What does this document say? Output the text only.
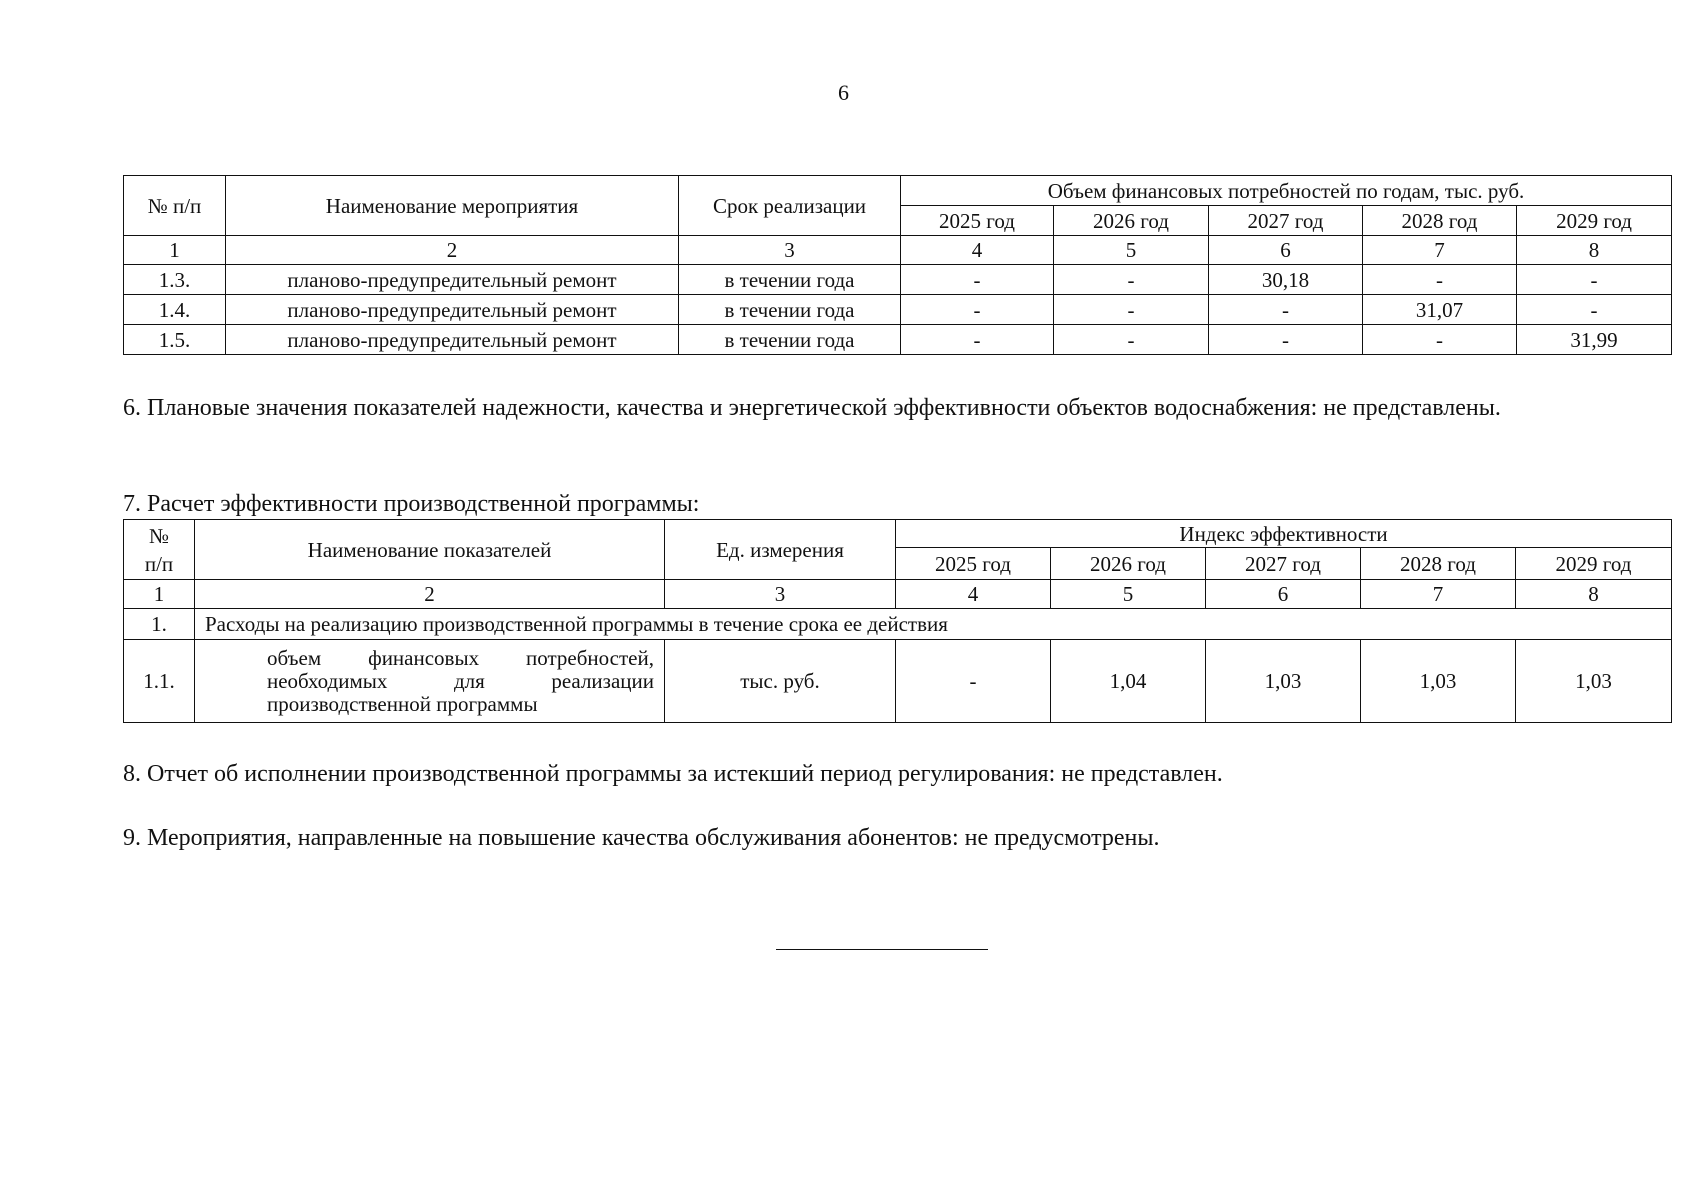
6
№ п/п	Наименование мероприятия	Срок реализации	Объем финансовых потребностей по годам, тыс. руб.				
			2025 год	2026 год	2027 год	2028 год	2029 год
1	2	3	4	5	6	7	8
1.3.	планово-предупредительный ремонт	в течении года	-	-	30,18	-	-
1.4.	планово-предупредительный ремонт	в течении года	-	-	-	31,07	-
1.5.	планово-предупредительный ремонт	в течении года	-	-	-	-	31,99
6. Плановые значения показателей надежности, качества и энергетической эффективности объектов водоснабжения: не представлены.
7. Расчет эффективности производственной программы:
№
п/п	Наименование показателей	Ед. измерения	Индекс эффективности				
			2025 год	2026 год	2027 год	2028 год	2029 год
1	2	3	4	5	6	7	8
1.	Расходы на реализацию производственной программы в течение срока ее действия						
1.1.	объем финансовых потребностей,
необходимых для реализации
производственной программы	тыс. руб.	-	1,04	1,03	1,03	1,03
8. Отчет об исполнении производственной программы за истекший период регулирования: не представлен.
9. Мероприятия, направленные на повышение качества обслуживания абонентов: не предусмотрены.
